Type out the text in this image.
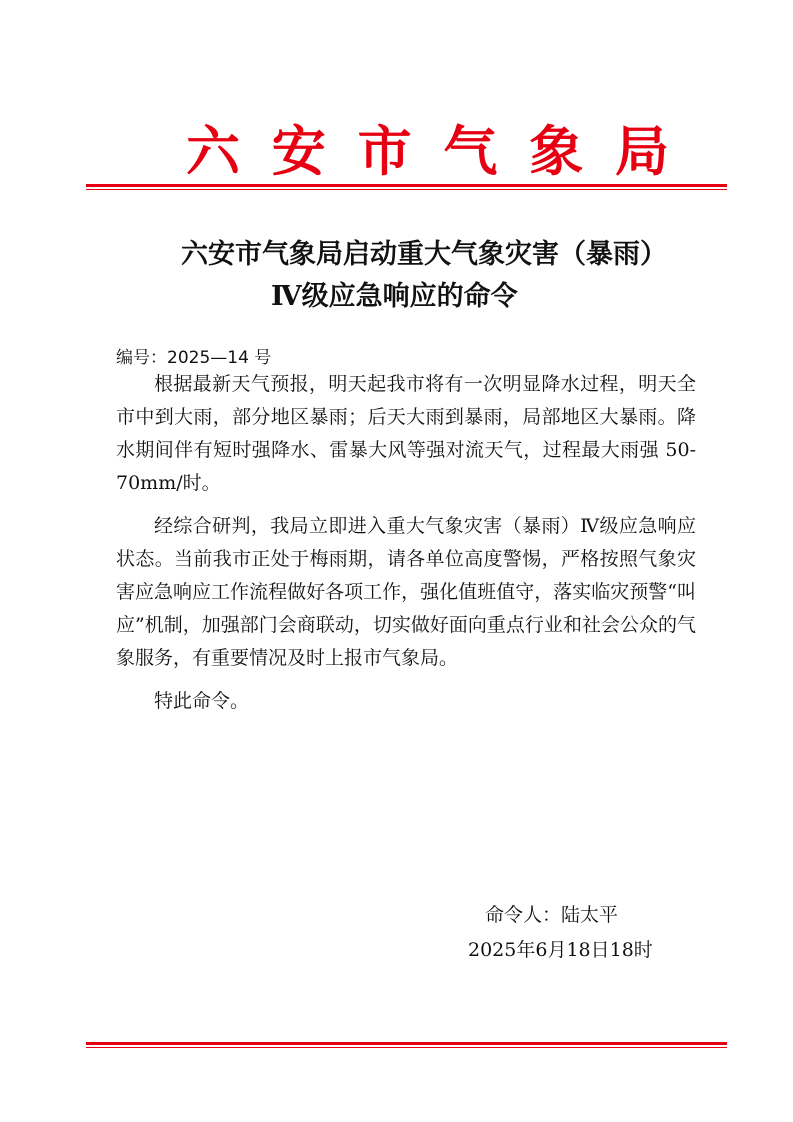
六 安 市 气 象 局
六安市气象局启动重大气象灾害（暴雨）
Ⅳ级应急响应的命令
编号：2025—14 号

根据最新天气预报，明天起我市将有一次明显降水过程，明天全市中到大雨，部分地区暴雨；后天大雨到暴雨，局部地区大暴雨。降水期间伴有短时强降水、雷暴大风等强对流天气，过程最大雨强 50-70mm/时。

经综合研判，我局立即进入重大气象灾害（暴雨）Ⅳ级应急响应状态。当前我市正处于梅雨期，请各单位高度警惕，严格按照气象灾害应急响应工作流程做好各项工作，强化值班值守，落实临灾预警“叫应”机制，加强部门会商联动，切实做好面向重点行业和社会公众的气象服务，有重要情况及时上报市气象局。

特此命令。

命令人：陆太平
2025年6月18日18时
